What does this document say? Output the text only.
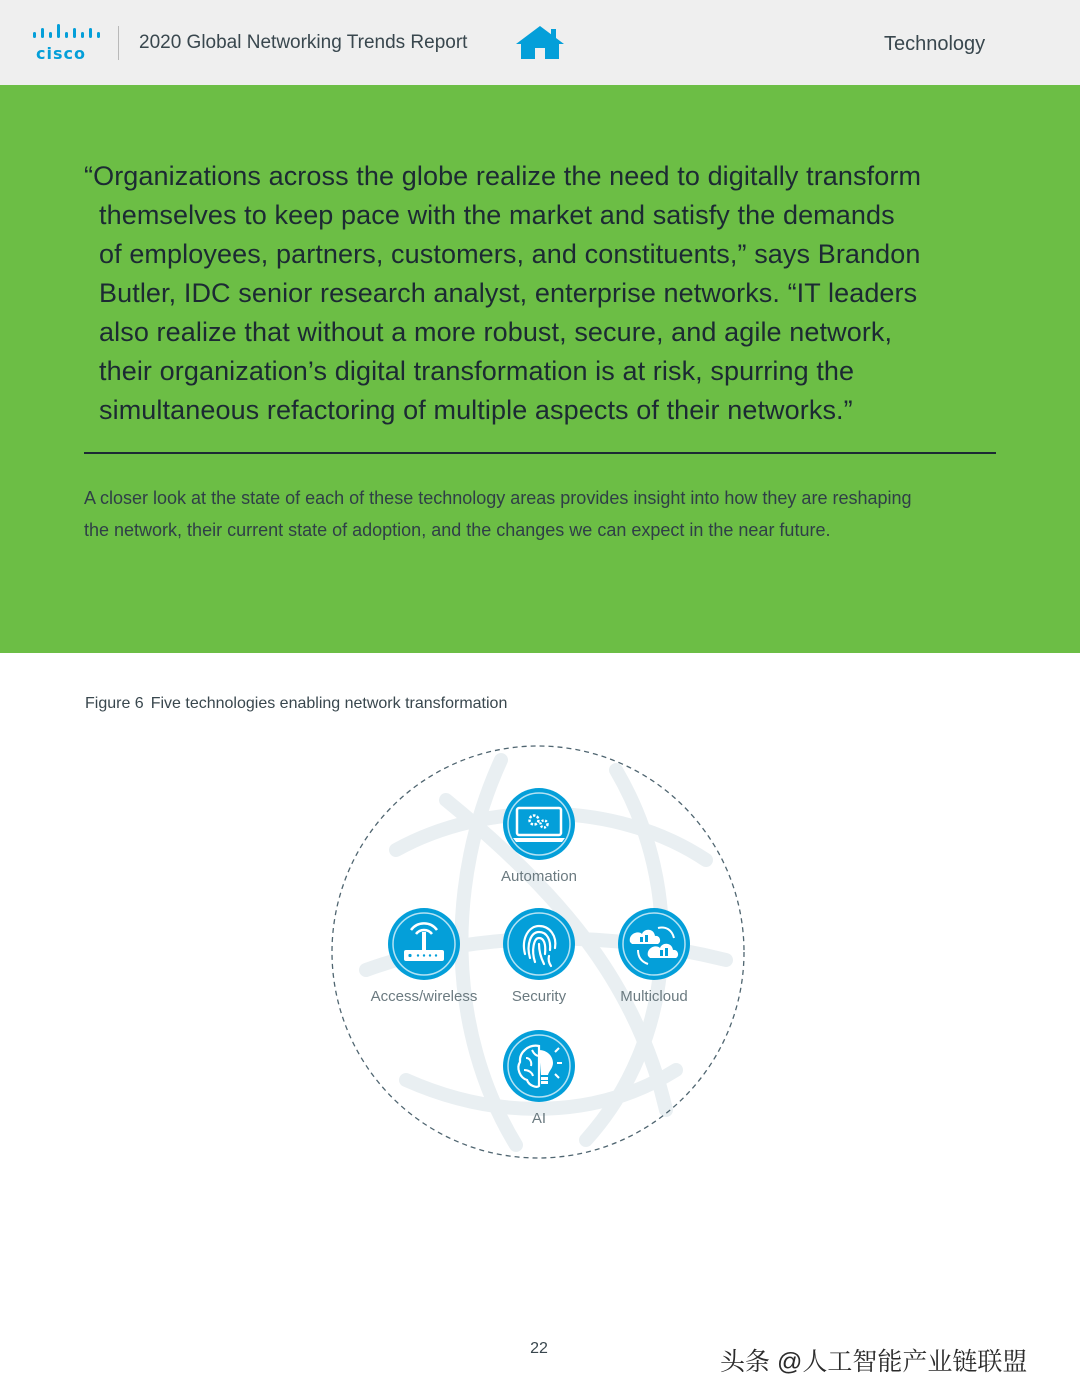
cisco
2020 Global Networking Trends Report	Technology
“Organizations across the globe realize the need to digitally transform
themselves to keep pace with the market and satisfy the demands
of employees, partners, customers, and constituents,” says Brandon
Butler, IDC senior research analyst, enterprise networks. “IT leaders
also realize that without a more robust, secure, and agile network,
their organization’s digital transformation is at risk, spurring the
simultaneous refactoring of multiple aspects of their networks.”
A closer look at the state of each of these technology areas provides insight into how they are reshaping
the network, their current state of adoption, and the changes we can expect in the near future.
Figure 6 Five technologies enabling network transformation
Automation
Access/wireless	Security	Multicloud
AI
22	头条 @人工智能产业链联盟
